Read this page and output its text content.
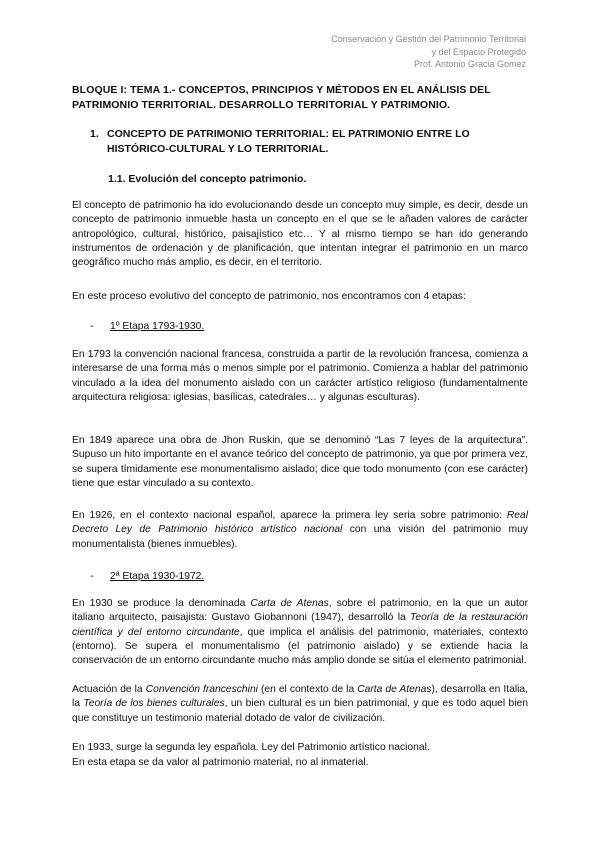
Conservación y Gestión del Patrimonio Territorial
y del Espacio Protegido
Prof. Antonio Gracia Gomez
BLOQUE I: TEMA 1.- CONCEPTOS, PRINCIPIOS Y MÉTODOS EN EL ANÁLISIS DEL PATRIMONIO TERRITORIAL. DESARROLLO TERRITORIAL Y PATRIMONIO.
1. CONCEPTO DE PATRIMONIO TERRITORIAL: EL PATRIMONIO ENTRE LO HISTÓRICO-CULTURAL Y LO TERRITORIAL.
1.1. Evolución del concepto patrimonio.

El concepto de patrimonio ha ido evolucionando desde un concepto muy simple, es decir, desde un concepto de patrimonio inmueble hasta un concepto en el que se le añaden valores de carácter antropológico, cultural, histórico, paisajístico etc… Y al mismo tiempo se han ido generando instrumentos de ordenación y de planificación, que intentan integrar el patrimonio en un marco geográfico mucho más amplio, es decir, en el territorio.

En este proceso evolutivo del concepto de patrimonio, nos encontramos con 4 etapas:

-	1º Etapa 1793-1930.

En 1793 la convención nacional francesa, construida a partir de la revolución francesa, comienza a interesarse de una forma más o menos simple por el patrimonio. Comienza a hablar del patrimonio vinculado a la idea del monumento aislado con un carácter artístico religioso (fundamentalmente arquitectura religiosa: iglesias, basílicas, catedrales… y algunas esculturas).

En 1849 aparece una obra de Jhon Ruskin, que se denominó “Las 7 leyes de la arquitectura”. Supuso un hito importante en el avance teórico del concepto de patrimonio, ya que por primera vez, se supera tímidamente ese monumentalismo aislado; dice que todo monumento (con ese carácter) tiene que estar vinculado a su contexto.

En 1926, en el contexto nacional español, aparece la primera ley seria sobre patrimonio: Real Decreto Ley de Patrimonio histórico artístico nacional con una visión del patrimonio muy monumentalista (bienes inmuebles).

-	2ª Etapa 1930-1972.

En 1930 se produce la denominada Carta de Atenas, sobre el patrimonio, en la que un autor italiano arquitecto, paisajista: Gustavo Giobannoni (1947), desarrolló la Teoría de la restauración científica y del entorno circundante, que implica el análisis del patrimonio, materiales, contexto (entorno). Se supera el monumentalismo (el patrimonio aislado) y se extiende hacia la conservación de un entorno circundante mucho más amplio donde se sitúa el elemento patrimonial.

Actuación de la Convención franceschini (en el contexto de la Carta de Atenas), desarrolla en Italia, la Teoría de los bienes culturales, un bien cultural es un bien patrimonial, y que es todo aquel bien que constituye un testimonio material dotado de valor de civilización.

En 1933, surge la segunda ley española. Ley del Patrimonio artístico nacional.

En esta etapa se da valor al patrimonio material, no al inmaterial.
